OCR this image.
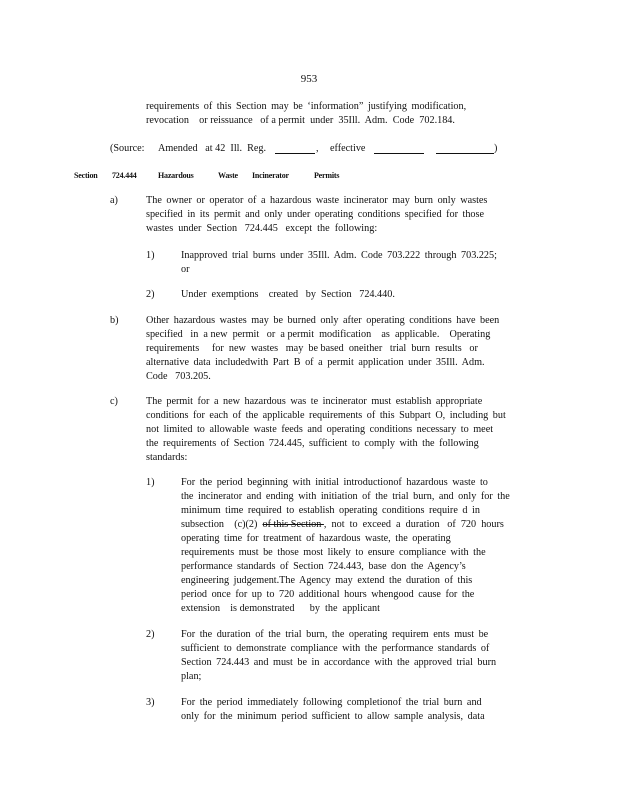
953
requirements of this Section may be ‘information” justifying modification,
revocation    or reissuance   of a permit  under  35Ill.  Adm.  Code  702.184.
(Source: Amended   at 42  Ill.  Reg.	, effective	)
Section 724.444	Hazardous	Waste Incinerator	Permits
a)	The owner or operator of a hazardous waste incinerator may burn only wastes
specified in its permit and only under operating conditions specified for those
wastes  under  Section   724.445   except  the  following:
1)	Inapproved trial burns under 35Ill. Adm. Code 703.222 through 703.225;
or
2)	Under  exemptions    created   by  Section   724.440.
b)	Other hazardous wastes may be burned only after operating conditions have been
specified   in  a new  permit   or  a permit  modification    as  applicable.    Operating
requirements     for  new  wastes   may  be based  oneither   trial  burn  results   or
alternative data includedwith Part B of a permit application under 35Ill. Adm.
Code   703.205.
c)	The permit for a new hazardous was te incinerator must establish appropriate
conditions for each of the applicable requirements of this Subpart O, including but
not limited to allowable waste feeds and operating conditions necessary to meet
the requirements of Section 724.445, sufficient to comply with the following
standards:
1)	For the period beginning with initial introductionof hazardous waste to
the incinerator and ending with initiation of the trial burn, and only for the
minimum time required to establish operating conditions require d in
subsection    (c)(2)  of this Section ,  not  to  exceed  a  duration   of  720  hours
operating time for treatment of hazardous waste, the operating
requirements must be those most likely to ensure compliance with the
performance standards of Section 724.443, base don the Agency’s
engineering judgement.The Agency may extend the duration of this
period once for up to 720 additional hours whengood cause for the
extension    is demonstrated      by  the  applicant
2)	For the duration of the trial burn, the operating requirem ents must be
sufficient to demonstrate compliance with the performance standards of
Section 724.443 and must be in accordance with the approved trial burn
plan;
3)	For the period immediately following completionof the trial burn and
only for the minimum period sufficient to allow sample analysis, data
